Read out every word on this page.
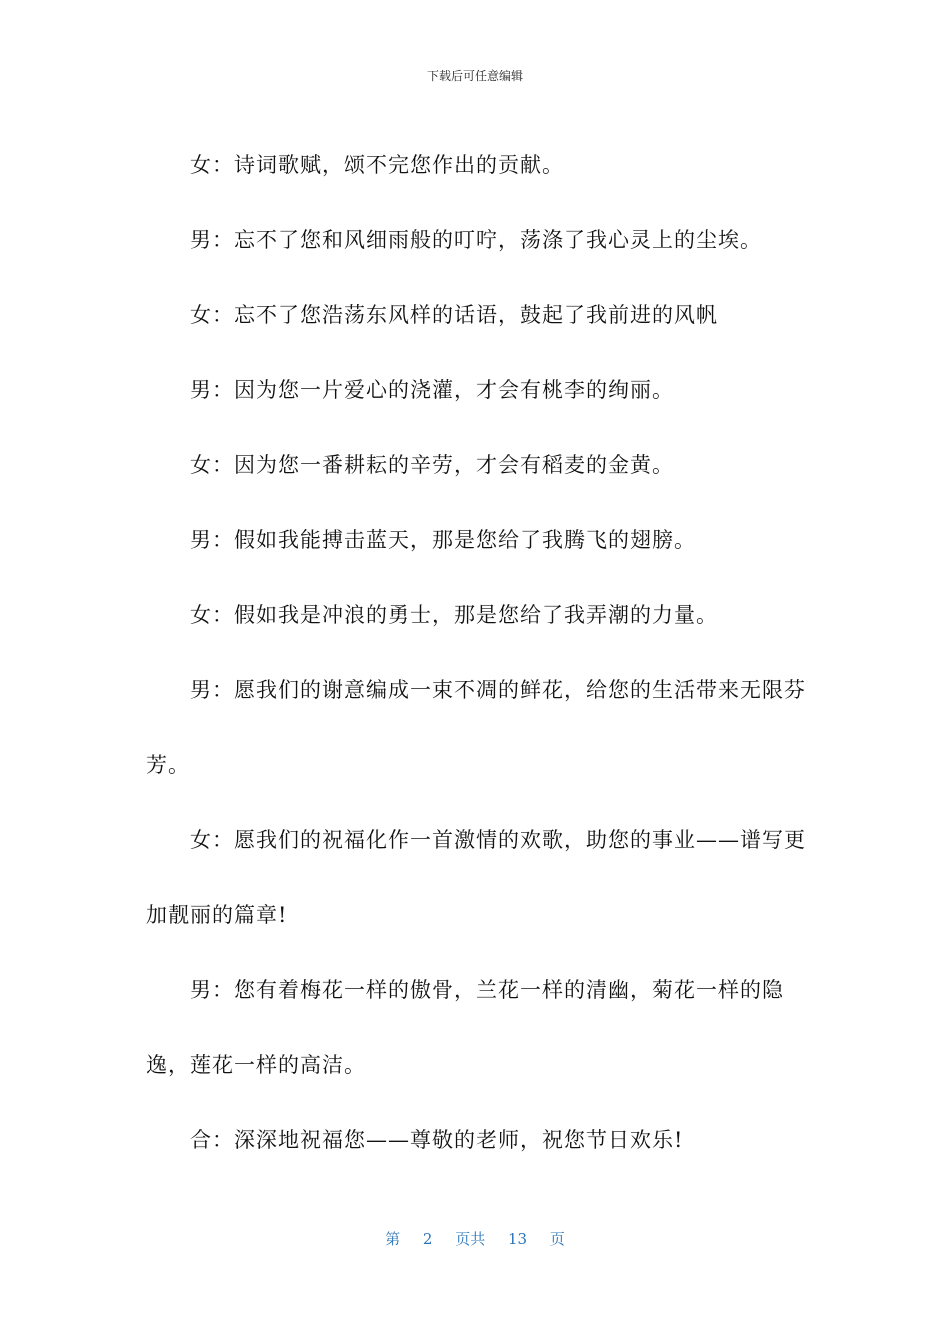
下载后可任意编辑

女：诗词歌赋，颂不完您作出的贡献。

男：忘不了您和风细雨般的叮咛，荡涤了我心灵上的尘埃。

女：忘不了您浩荡东风样的话语，鼓起了我前进的风帆

男：因为您一片爱心的浇灌，才会有桃李的绚丽。

女：因为您一番耕耘的辛劳，才会有稻麦的金黄。

男：假如我能搏击蓝天，那是您给了我腾飞的翅膀。

女：假如我是冲浪的勇士，那是您给了我弄潮的力量。

男：愿我们的谢意编成一束不凋的鲜花，给您的生活带来无限芬芳。

女：愿我们的祝福化作一首激情的欢歌，助您的事业——谱写更加靓丽的篇章!

男：您有着梅花一样的傲骨，兰花一样的清幽，菊花一样的隐逸，莲花一样的高洁。

合：深深地祝福您——尊敬的老师，祝您节日欢乐!

第 2 页共 13 页
